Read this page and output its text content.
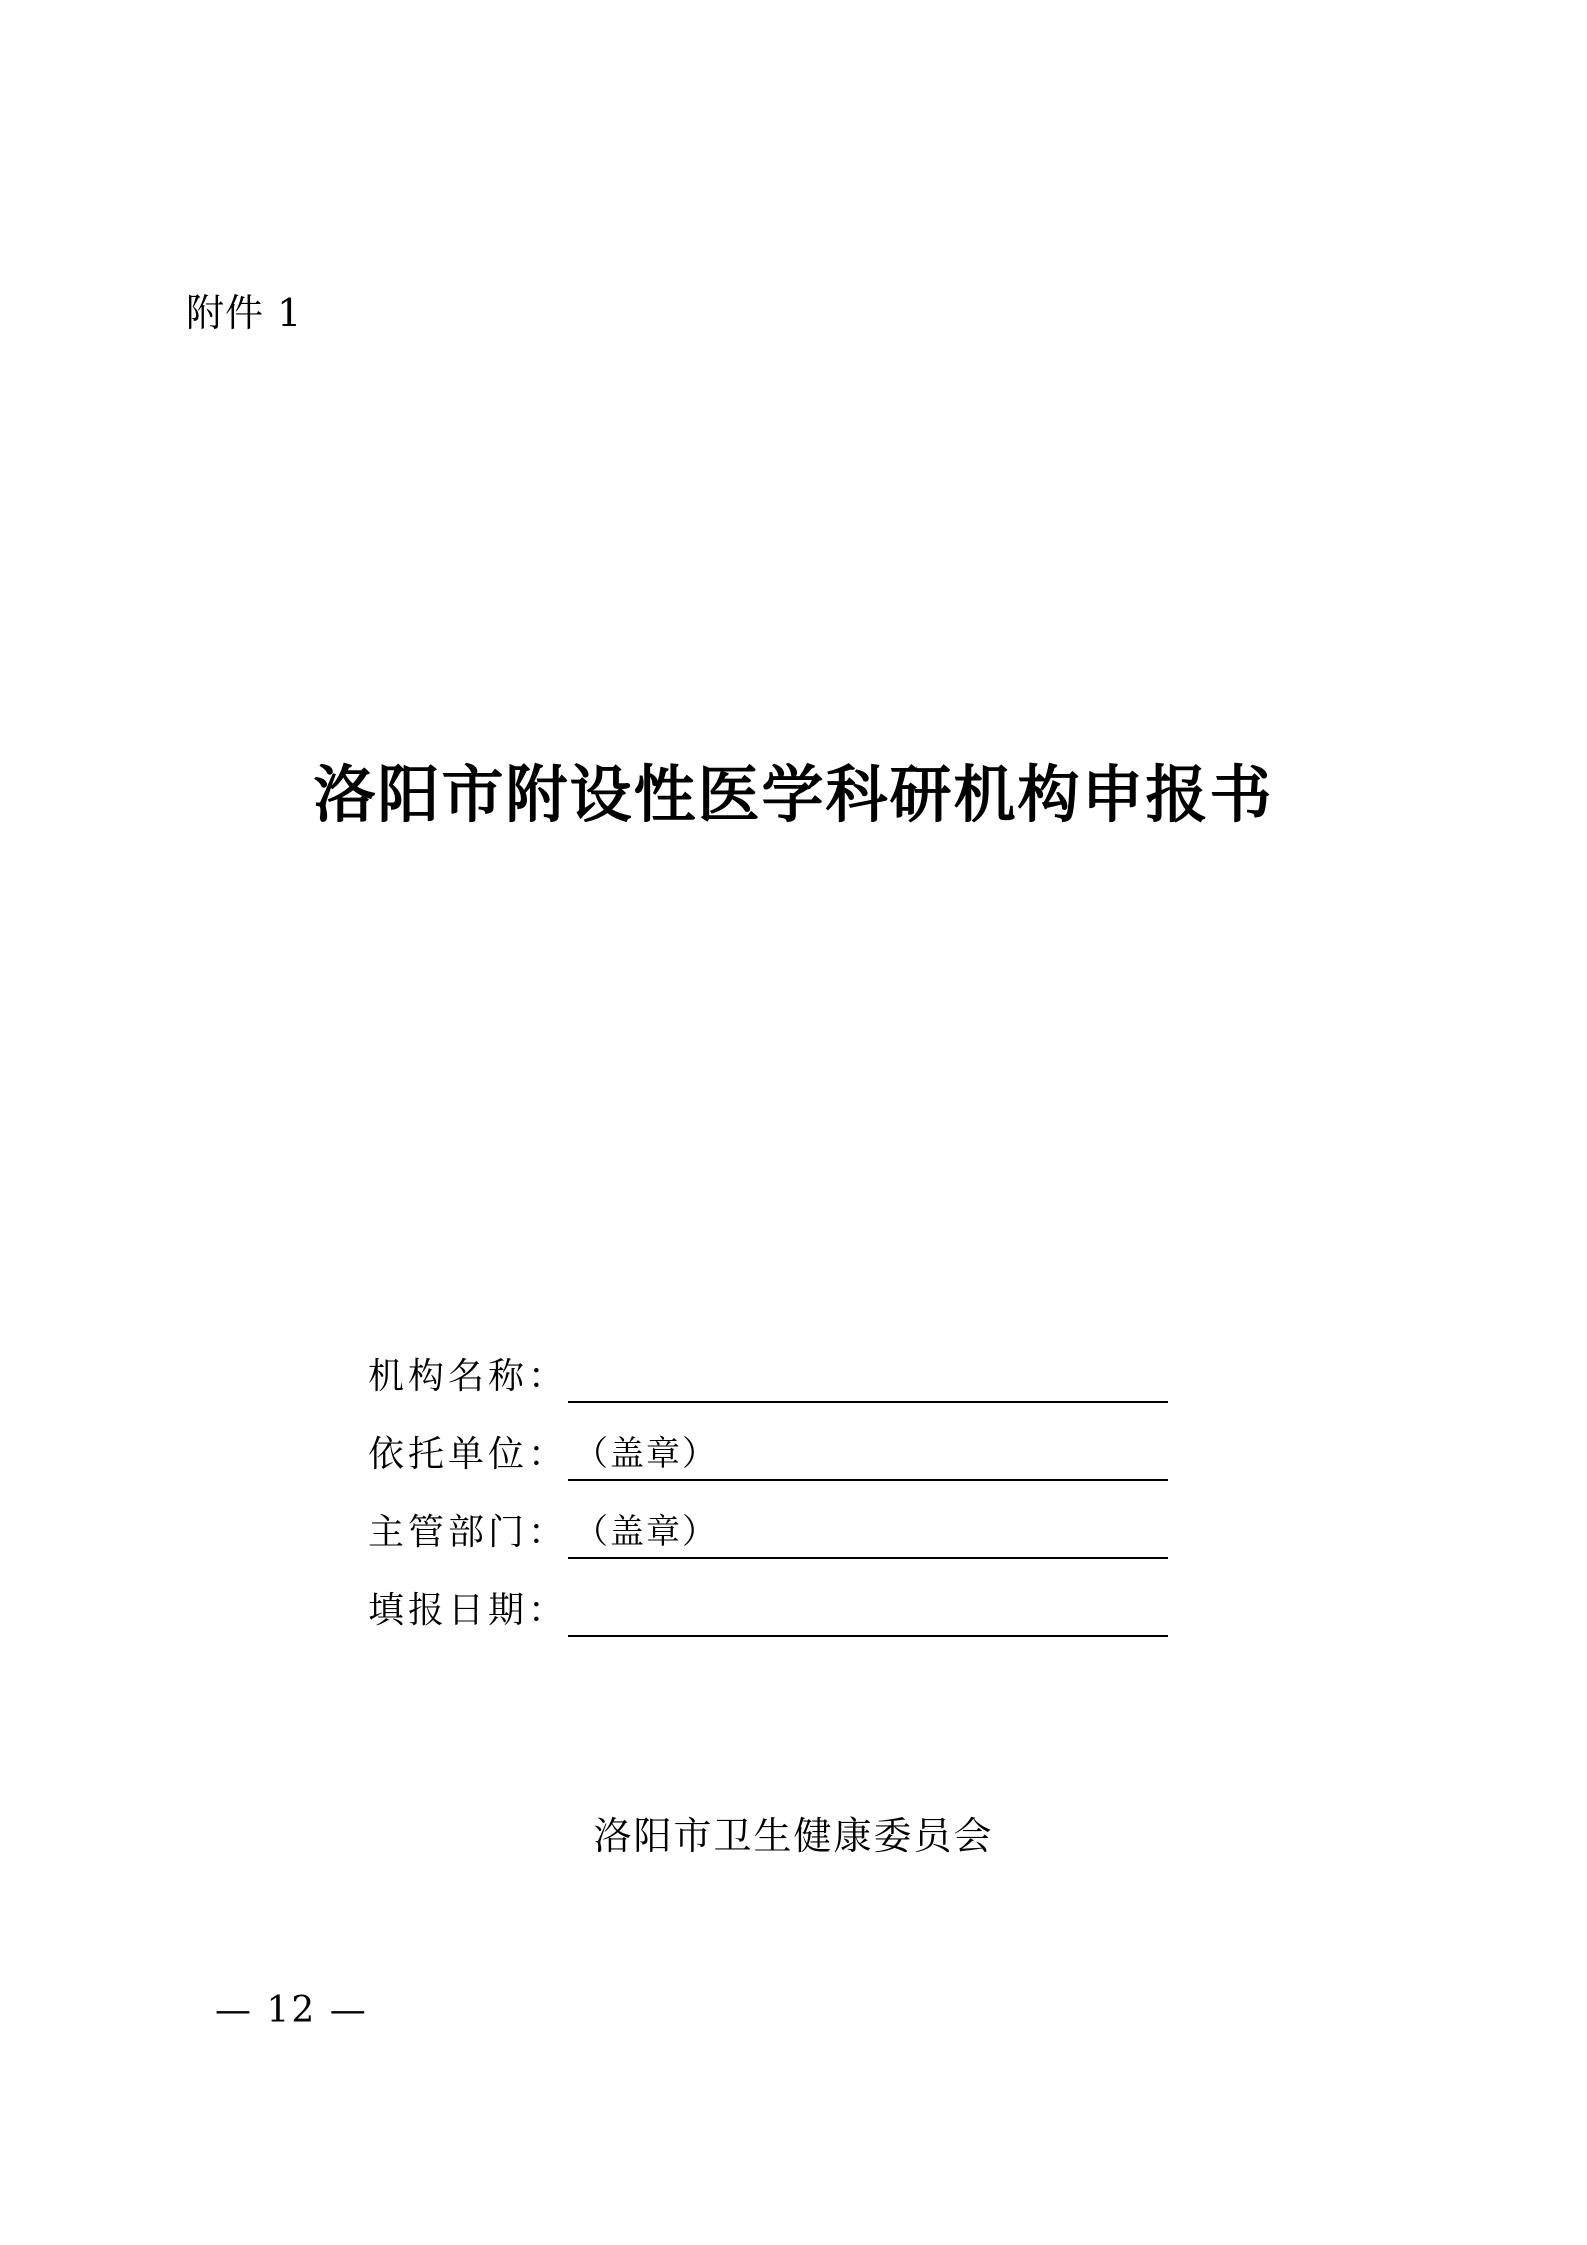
附件 1
洛阳市附设性医学科研机构申报书
机构名称：
依托单位： （盖章）
主管部门： （盖章）
填报日期：
洛阳市卫生健康委员会
— 12 —
